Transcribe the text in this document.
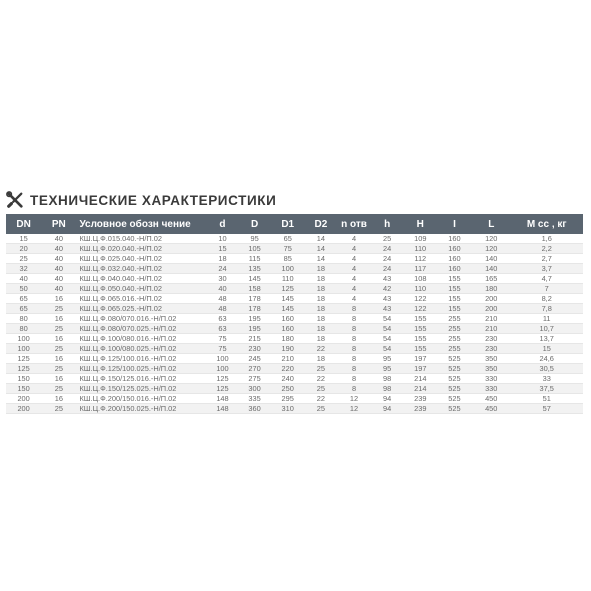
ТЕХНИЧЕСКИЕ ХАРАКТЕРИСТИКИ
DN	PN	Условное обозн чение	d	D	D1	D2	n отв	h	H	I	L	М сс , кг
15	40	КШ.Ц.Ф.015.040.-Н/П.02	10	95	65	14	4	25	109	160	120	1,6
20	40	КШ.Ц.Ф.020.040.-Н/П.02	15	105	75	14	4	24	110	160	120	2,2
25	40	КШ.Ц.Ф.025.040.-Н/П.02	18	115	85	14	4	24	112	160	140	2,7
32	40	КШ.Ц.Ф.032.040.-Н/П.02	24	135	100	18	4	24	117	160	140	3,7
40	40	КШ.Ц.Ф.040.040.-Н/П.02	30	145	110	18	4	43	108	155	165	4,7
50	40	КШ.Ц.Ф.050.040.-Н/П.02	40	158	125	18	4	42	110	155	180	7
65	16	КШ.Ц.Ф.065.016.-Н/П.02	48	178	145	18	4	43	122	155	200	8,2
65	25	КШ.Ц.Ф.065.025.-Н/П.02	48	178	145	18	8	43	122	155	200	7,8
80	16	КШ.Ц.Ф.080/070.016.-Н/П.02	63	195	160	18	8	54	155	255	210	11
80	25	КШ.Ц.Ф.080/070.025.-Н/П.02	63	195	160	18	8	54	155	255	210	10,7
100	16	КШ.Ц.Ф.100/080.016.-Н/П.02	75	215	180	18	8	54	155	255	230	13,7
100	25	КШ.Ц.Ф.100/080.025.-Н/П.02	75	230	190	22	8	54	155	255	230	15
125	16	КШ.Ц.Ф.125/100.016.-Н/П.02	100	245	210	18	8	95	197	525	350	24,6
125	25	КШ.Ц.Ф.125/100.025.-Н/П.02	100	270	220	25	8	95	197	525	350	30,5
150	16	КШ.Ц.Ф.150/125.016.-Н/П.02	125	275	240	22	8	98	214	525	330	33
150	25	КШ.Ц.Ф.150/125.025.-Н/П.02	125	300	250	25	8	98	214	525	330	37,5
200	16	КШ.Ц.Ф.200/150.016.-Н/П.02	148	335	295	22	12	94	239	525	450	51
200	25	КШ.Ц.Ф.200/150.025.-Н/П.02	148	360	310	25	12	94	239	525	450	57
